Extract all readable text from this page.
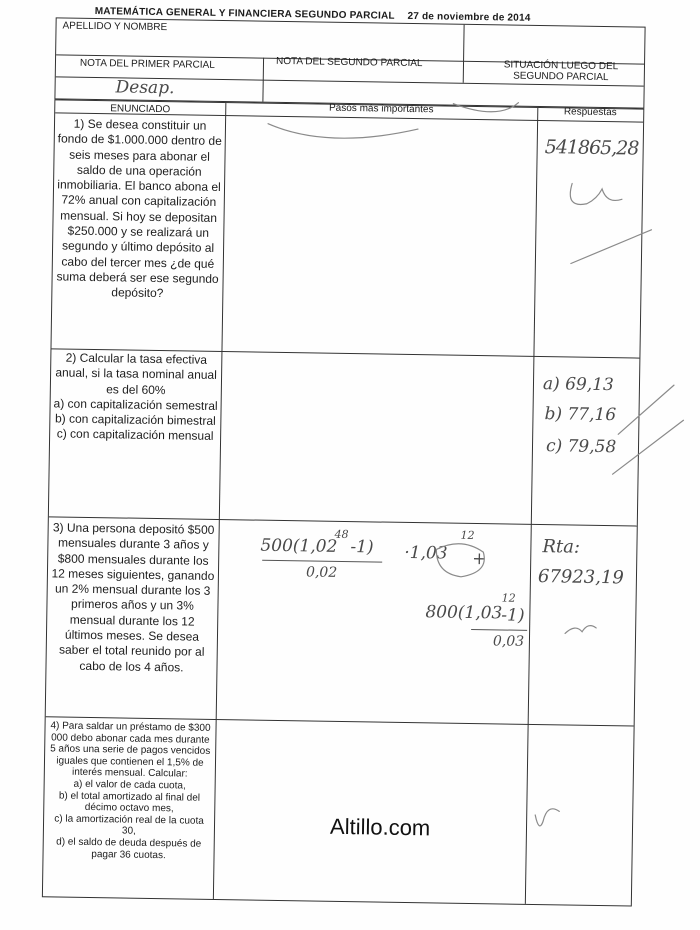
MATEMÁTICA GENERAL Y FINANCIERA SEGUNDO PARCIAL 27 de noviembre de 2014
APELLIDO Y NOMBRE
NOTA DEL PRIMER PARCIAL	NOTA DEL SEGUNDO PARCIAL	SITUACIÓN LUEGO DEL SEGUNDO PARCIAL
Desap.
ENUNCIADO	Pasos más importantes	Respuestas
1) Se desea constituir un fondo de $1.000.000 dentro de seis meses para abonar el saldo de una operación inmobiliaria. El banco abona el 72% anual con capitalización mensual. Si hoy se depositan $250.000 y se realizará un segundo y último depósito al cabo del tercer mes ¿de qué suma deberá ser ese segundo depósito?
541865,28
2) Calcular la tasa efectiva anual, si la tasa nominal anual es del 60%
a) con capitalización semestral
b) con capitalización bimestral
c) con capitalización mensual
a) 69,13
b) 77,16
c) 79,58
3) Una persona depositó $500 mensuales durante 3 años y $800 mensuales durante los 12 meses siguientes, ganando un 2% mensual durante los 3 primeros años y un 3% mensual durante los 12 últimos meses. Se desea saber el total reunido por al cabo de los 4 años.
500(1,02
48
-1)
0,02
·1,03
12
+
800(1,03
12
-1)
0,03
Rta:
67923,19
4) Para saldar un préstamo de $300 000 debo abonar cada mes durante 5 años una serie de pagos vencidos iguales que contienen el 1,5% de interés mensual. Calcular:
a) el valor de cada cuota,
b) el total amortizado al final del décimo octavo mes,
c) la amortización real de la cuota 30,
d) el saldo de deuda después de pagar 36 cuotas.
Altillo.com
